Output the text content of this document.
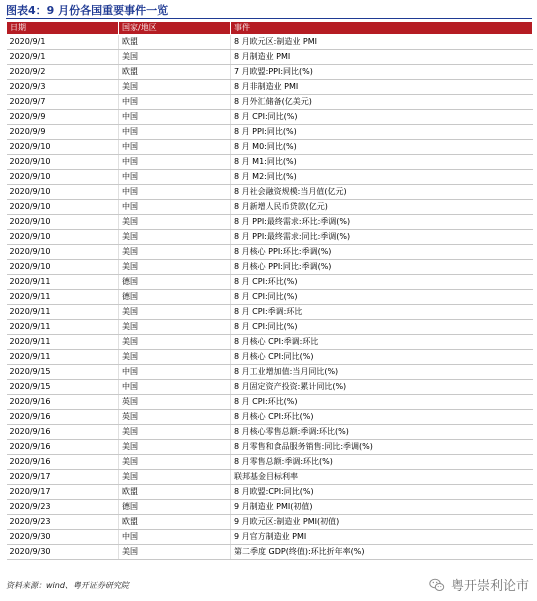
图表4：9 月份各国重要事件一览
日期	国家/地区	事件
2020/9/1	欧盟	8 月欧元区:制造业 PMI
2020/9/1	美国	8 月制造业 PMI
2020/9/2	欧盟	7 月欧盟:PPI:同比(%)
2020/9/3	美国	8 月非制造业 PMI
2020/9/7	中国	8 月外汇储备(亿美元)
2020/9/9	中国	8 月 CPI:同比(%)
2020/9/9	中国	8 月 PPI:同比(%)
2020/9/10	中国	8 月 M0:同比(%)
2020/9/10	中国	8 月 M1:同比(%)
2020/9/10	中国	8 月 M2:同比(%)
2020/9/10	中国	8 月社会融资规模:当月值(亿元)
2020/9/10	中国	8 月新增人民币贷款(亿元)
2020/9/10	美国	8 月 PPI:最终需求:环比:季调(%)
2020/9/10	美国	8 月 PPI:最终需求:同比:季调(%)
2020/9/10	美国	8 月核心 PPI:环比:季调(%)
2020/9/10	美国	8 月核心 PPI:同比:季调(%)
2020/9/11	德国	8 月 CPI:环比(%)
2020/9/11	德国	8 月 CPI:同比(%)
2020/9/11	美国	8 月 CPI:季调:环比
2020/9/11	美国	8 月 CPI:同比(%)
2020/9/11	美国	8 月核心 CPI:季调:环比
2020/9/11	美国	8 月核心 CPI:同比(%)
2020/9/15	中国	8 月工业增加值:当月同比(%)
2020/9/15	中国	8 月固定资产投资:累计同比(%)
2020/9/16	英国	8 月 CPI:环比(%)
2020/9/16	英国	8 月核心 CPI:环比(%)
2020/9/16	美国	8 月核心零售总额:季调:环比(%)
2020/9/16	美国	8 月零售和食品服务销售:同比:季调(%)
2020/9/16	美国	8 月零售总额:季调:环比(%)
2020/9/17	美国	联邦基金目标利率
2020/9/17	欧盟	8 月欧盟:CPI:同比(%)
2020/9/23	德国	9 月制造业 PMI(初值)
2020/9/23	欧盟	9 月欧元区:制造业 PMI(初值)
2020/9/30	中国	9 月官方制造业 PMI
2020/9/30	美国	第二季度 GDP(终值):环比折年率(%)
资料来源：wind、粤开证券研究院	粤开崇利论市
